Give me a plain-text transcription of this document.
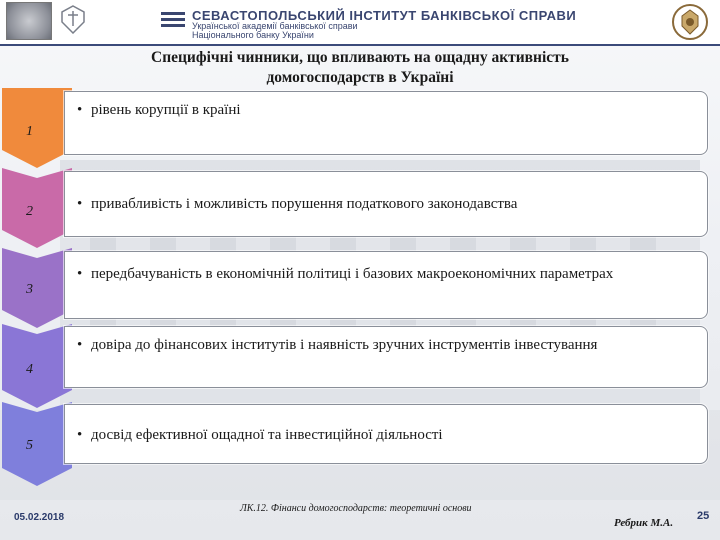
СЕВАСТОПОЛЬСЬКИЙ ІНСТИТУТ БАНКІВСЬКОЇ СПРАВИ
Української академії банківської справи
Національного банку України
Специфічні чинники, що впливають на ощадну активність
домогосподарств в Україні
1
• рівень корупції в країні
2	• привабливість і можливість порушення податкового законодавства
3
• передбачуваність в економічній політиці і базових макроекономічних параметрах
4
• довіра до фінансових інститутів і наявність зручних інструментів інвестування
5
• досвід ефективної ощадної та інвестиційної діяльності
05.02.2018
ЛК.12. Фінанси домогосподарств: теоретичні основи
Ребрик М.А.
25
